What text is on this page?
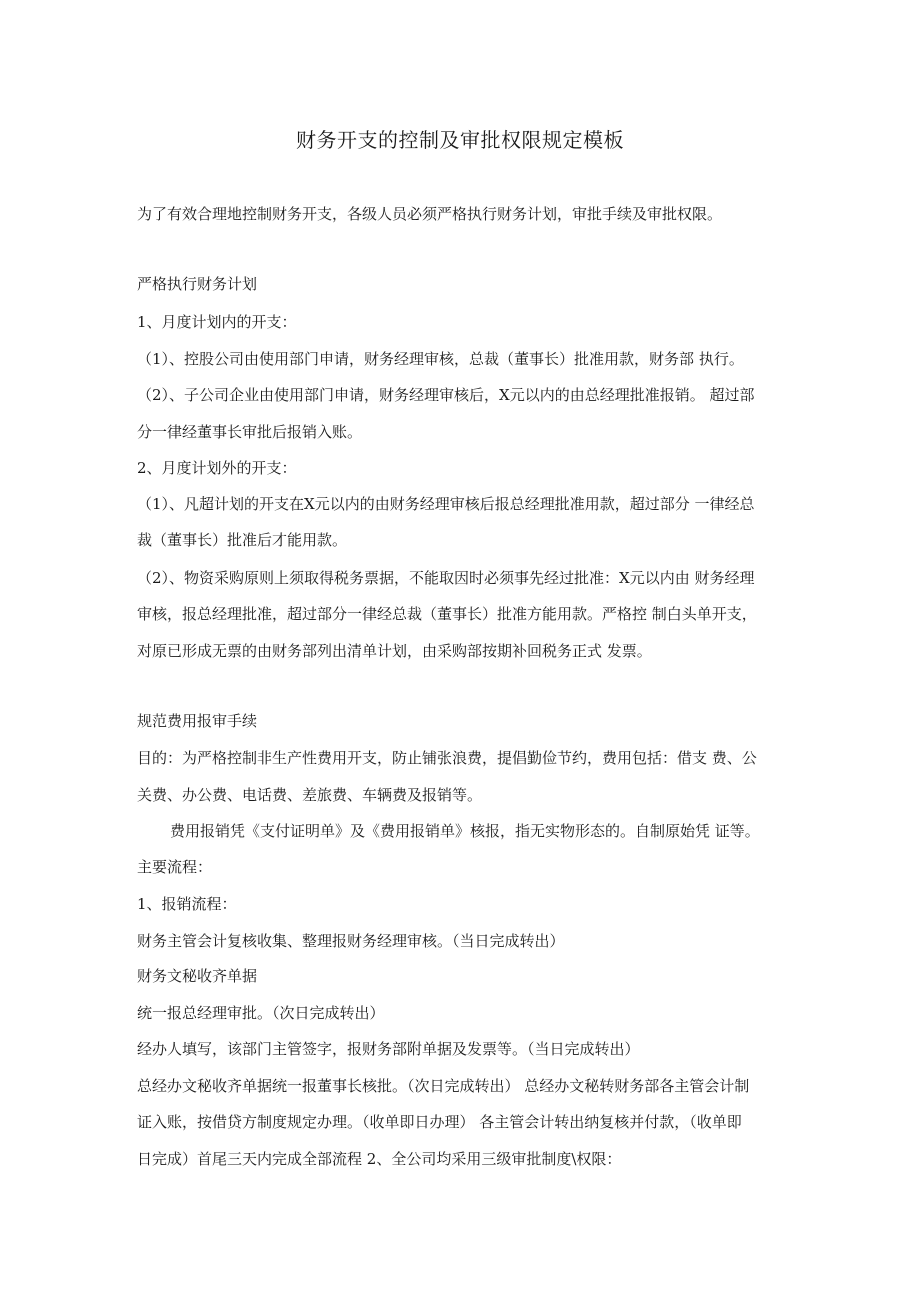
财务开支的控制及审批权限规定模板
为了有效合理地控制财务开支，各级人员必须严格执行财务计划，审批手续及审批权限。
严格执行财务计划
1、月度计划内的开支：
（1）、控股公司由使用部门申请，财务经理审核，总裁（董事长）批准用款，财务部 执行。
（2）、子公司企业由使用部门申请，财务经理审核后，X元以内的由总经理批准报销。 超过部
分一律经董事长审批后报销入账。
2、月度计划外的开支：
（1）、凡超计划的开支在X元以内的由财务经理审核后报总经理批准用款，超过部分 一律经总
裁（董事长）批准后才能用款。
（2）、物资采购原则上须取得税务票据，不能取因时必须事先经过批准：X元以内由 财务经理
审核，报总经理批准，超过部分一律经总裁（董事长）批准方能用款。严格控 制白头单开支，
对原已形成无票的由财务部列出清单计划，由采购部按期补回税务正式 发票。
规范费用报审手续
目的：为严格控制非生产性费用开支，防止铺张浪费，提倡勤俭节约，费用包括：借支 费、公
关费、办公费、电话费、差旅费、车辆费及报销等。
费用报销凭《支付证明单》及《费用报销单》核报，指无实物形态的。自制原始凭 证等。
主要流程：
1、报销流程：
财务主管会计复核收集、整理报财务经理审核。（当日完成转出）
财务文秘收齐单据
统一报总经理审批。（次日完成转出）
经办人填写，该部门主管签字，报财务部附单据及发票等。（当日完成转出）
总经办文秘收齐单据统一报董事长核批。（次日完成转出） 总经办文秘转财务部各主管会计制
证入账，按借贷方制度规定办理。（收单即日办理） 各主管会计转出纳复核并付款，（收单即
日完成）首尾三天内完成全部流程 2、全公司均采用三级审批制度\权限：
